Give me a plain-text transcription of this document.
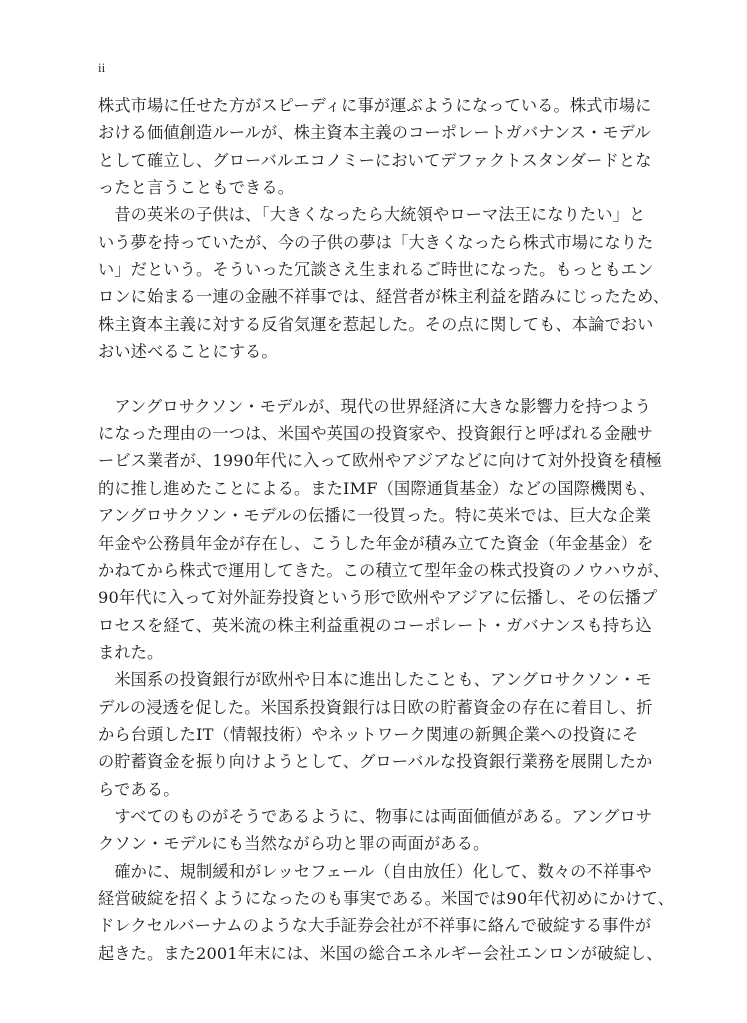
ii
株式市場に任せた方がスピーディに事が運ぶようになっている。株式市場に
おける価値創造ルールが、株主資本主義のコーポレートガバナンス・モデル
として確立し、グローバルエコノミーにおいてデファクトスタンダードとな
ったと言うこともできる。
　昔の英米の子供は、「大きくなったら大統領やローマ法王になりたい」と
いう夢を持っていたが、今の子供の夢は「大きくなったら株式市場になりた
い」だという。そういった冗談さえ生まれるご時世になった。もっともエン
ロンに始まる一連の金融不祥事では、経営者が株主利益を踏みにじったため、
株主資本主義に対する反省気運を惹起した。その点に関しても、本論でおい
おい述べることにする。
　アングロサクソン・モデルが、現代の世界経済に大きな影響力を持つよう
になった理由の一つは、米国や英国の投資家や、投資銀行と呼ばれる金融サ
ービス業者が、1990年代に入って欧州やアジアなどに向けて対外投資を積極
的に推し進めたことによる。またIMF（国際通貨基金）などの国際機関も、
アングロサクソン・モデルの伝播に一役買った。特に英米では、巨大な企業
年金や公務員年金が存在し、こうした年金が積み立てた資金（年金基金）を
かねてから株式で運用してきた。この積立て型年金の株式投資のノウハウが、
90年代に入って対外証券投資という形で欧州やアジアに伝播し、その伝播プ
ロセスを経て、英米流の株主利益重視のコーポレート・ガバナンスも持ち込
まれた。
　米国系の投資銀行が欧州や日本に進出したことも、アングロサクソン・モ
デルの浸透を促した。米国系投資銀行は日欧の貯蓄資金の存在に着目し、折
から台頭したIT（情報技術）やネットワーク関連の新興企業への投資にそ
の貯蓄資金を振り向けようとして、グローバルな投資銀行業務を展開したか
らである。
　すべてのものがそうであるように、物事には両面価値がある。アングロサ
クソン・モデルにも当然ながら功と罪の両面がある。
　確かに、規制緩和がレッセフェール（自由放任）化して、数々の不祥事や
経営破綻を招くようになったのも事実である。米国では90年代初めにかけて、
ドレクセルバーナムのような大手証券会社が不祥事に絡んで破綻する事件が
起きた。また2001年末には、米国の総合エネルギー会社エンロンが破綻し、
